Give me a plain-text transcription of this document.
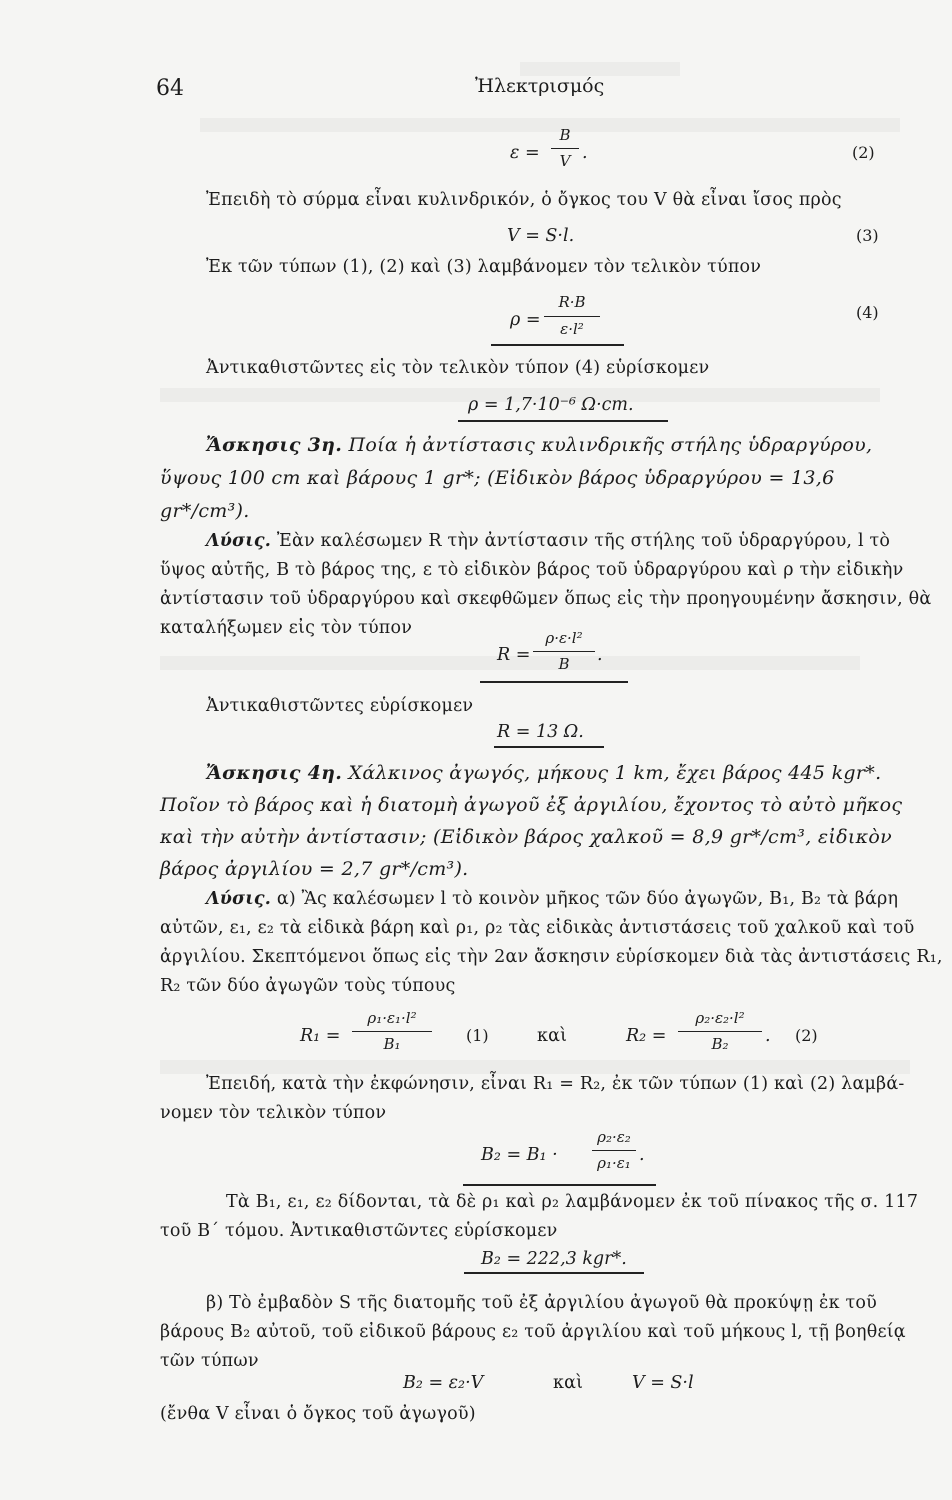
64	Ἠλεκτρισμός
ε =
B
V .	(2)
Ἐπειδὴ τὸ σύρμα εἶναι κυλινδρικόν, ὁ ὄγκος του V θὰ εἶναι ἴσος πρὸς
V = S·l.	(3)
Ἐκ τῶν τύπων (1), (2) καὶ (3) λαμβάνομεν τὸν τελικὸν τύπον
ρ =
R·B
ε·l²
(4)
Ἀντικαθιστῶντες εἰς τὸν τελικὸν τύπον (4) εὑρίσκομεν
ρ = 1,7·10⁻⁶ Ω·cm.
Ἄσκησις 3η. Ποία ἡ ἀντίστασις κυλινδρικῆς στήλης ὑδραργύρου,
ὕψους 100 cm καὶ βάρους 1 gr*; (Εἰδικὸν βάρος ὑδραργύρου = 13,6
gr*/cm³).
Λύσις. Ἐὰν καλέσωμεν R τὴν ἀντίστασιν τῆς στήλης τοῦ ὑδραργύρου, l τὸ
ὕψος αὐτῆς, B τὸ βάρος της, ε τὸ εἰδικὸν βάρος τοῦ ὑδραργύρου καὶ ρ τὴν εἰδικὴν
ἀντίστασιν τοῦ ὑδραργύρου καὶ σκεφθῶμεν ὅπως εἰς τὴν προηγουμένην ἄσκησιν, θὰ
καταλήξωμεν εἰς τὸν τύπον
R =
ρ·ε·l²
B	.
Ἀντικαθιστῶντες εὑρίσκομεν
R = 13 Ω.
Ἄσκησις 4η. Χάλκινος ἀγωγός, μήκους 1 km, ἔχει βάρος 445 kgr*.
Ποῖον τὸ βάρος καὶ ἡ διατομὴ ἀγωγοῦ ἐξ ἀργιλίου, ἔχοντος τὸ αὐτὸ μῆκος
καὶ τὴν αὐτὴν ἀντίστασιν; (Εἰδικὸν βάρος χαλκοῦ = 8,9 gr*/cm³, εἰδικὸν
βάρος ἀργιλίου = 2,7 gr*/cm³).
Λύσις. α) Ἂς καλέσωμεν l τὸ κοινὸν μῆκος τῶν δύο ἀγωγῶν, B₁, B₂ τὰ βάρη
αὐτῶν, ε₁, ε₂ τὰ εἰδικὰ βάρη καὶ ρ₁, ρ₂ τὰς εἰδικὰς ἀντιστάσεις τοῦ χαλκοῦ καὶ τοῦ
ἀργιλίου. Σκεπτόμενοι ὅπως εἰς τὴν 2αν ἄσκησιν εὑρίσκομεν διὰ τὰς ἀντιστάσεις R₁,
R₂ τῶν δύο ἀγωγῶν τοὺς τύπους
R₁ =
ρ₁·ε₁·l²
B₁	(1)	καὶ	R₂ =
ρ₂·ε₂·l²
B₂	. (2)
Ἐπειδή, κατὰ τὴν ἐκφώνησιν, εἶναι R₁ = R₂, ἐκ τῶν τύπων (1) καὶ (2) λαμβά-
νομεν τὸν τελικὸν τύπον
B₂ = B₁ ·
ρ₂·ε₂
ρ₁·ε₁ .
Τὰ B₁, ε₁, ε₂ δίδονται, τὰ δὲ ρ₁ καὶ ρ₂ λαμβάνομεν ἐκ τοῦ πίνακος τῆς σ. 117
τοῦ Β΄ τόμου. Ἀντικαθιστῶντες εὑρίσκομεν
B₂ = 222,3 kgr*.
β) Τὸ ἐμβαδὸν S τῆς διατομῆς τοῦ ἐξ ἀργιλίου ἀγωγοῦ θὰ προκύψῃ ἐκ τοῦ
βάρους B₂ αὐτοῦ, τοῦ εἰδικοῦ βάρους ε₂ τοῦ ἀργιλίου καὶ τοῦ μήκους l, τῇ βοηθείᾳ
τῶν τύπων
B₂ = ε₂·V	καὶ	V = S·l
(ἔνθα V εἶναι ὁ ὄγκος τοῦ ἀγωγοῦ)
